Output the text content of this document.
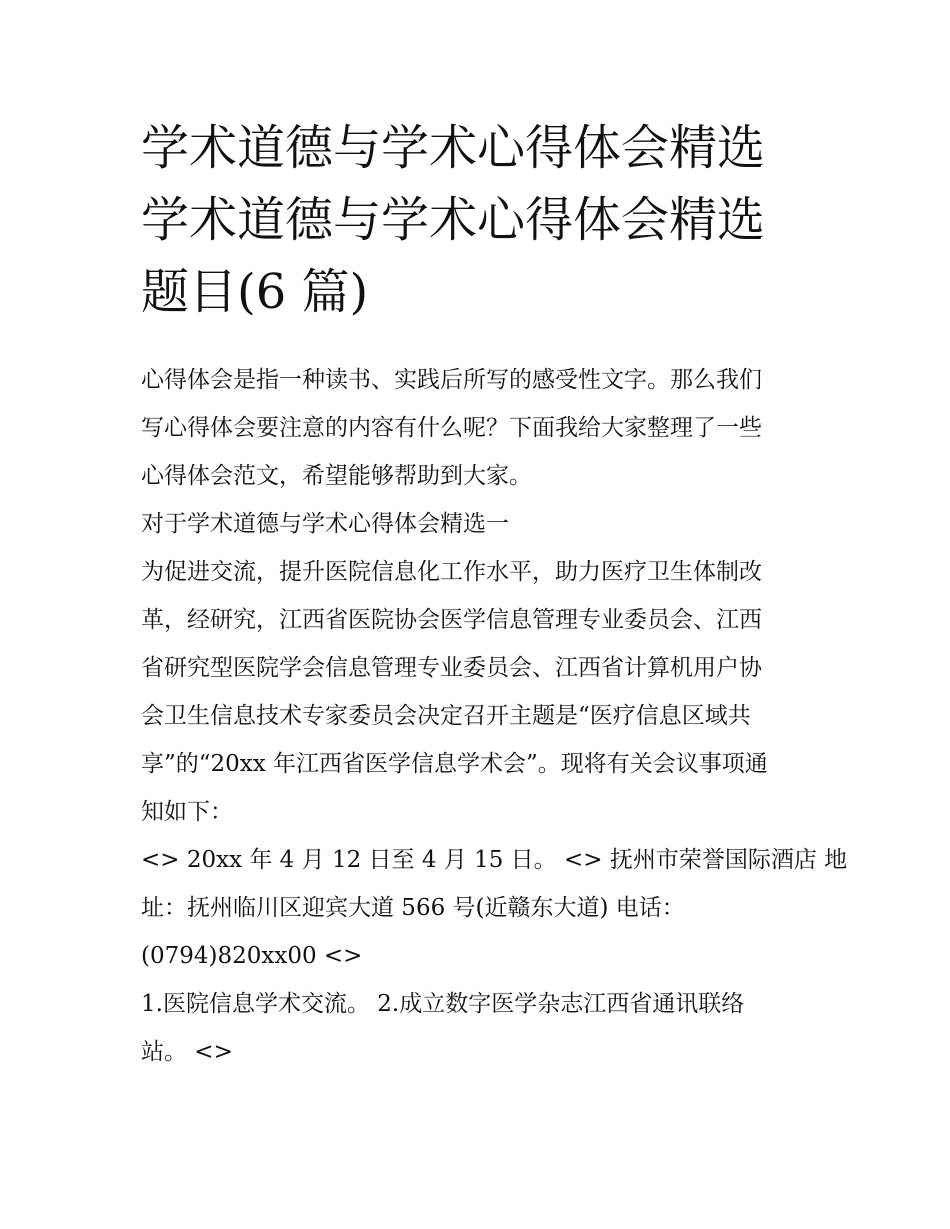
学术道德与学术心得体会精选
学术道德与学术心得体会精选
题目(6 篇)

心得体会是指一种读书、实践后所写的感受性文字。那么我们
写心得体会要注意的内容有什么呢？下面我给大家整理了一些
心得体会范文，希望能够帮助到大家。

对于学术道德与学术心得体会精选一

为促进交流，提升医院信息化工作水平，助力医疗卫生体制改
革，经研究，江西省医院协会医学信息管理专业委员会、江西
省研究型医院学会信息管理专业委员会、江西省计算机用户协
会卫生信息技术专家委员会决定召开主题是“医疗信息区域共
享”的“20xx 年江西省医学信息学术会”。现将有关会议事项通
知如下：

<> 20xx 年 4 月 12 日至 4 月 15 日。 <> 抚州市荣誉国际酒店 地
址：抚州临川区迎宾大道 566 号(近赣东大道) 电话：
(0794)820xx00 <>

1.医院信息学术交流。 2.成立数字医学杂志江西省通讯联络
站。 <>
